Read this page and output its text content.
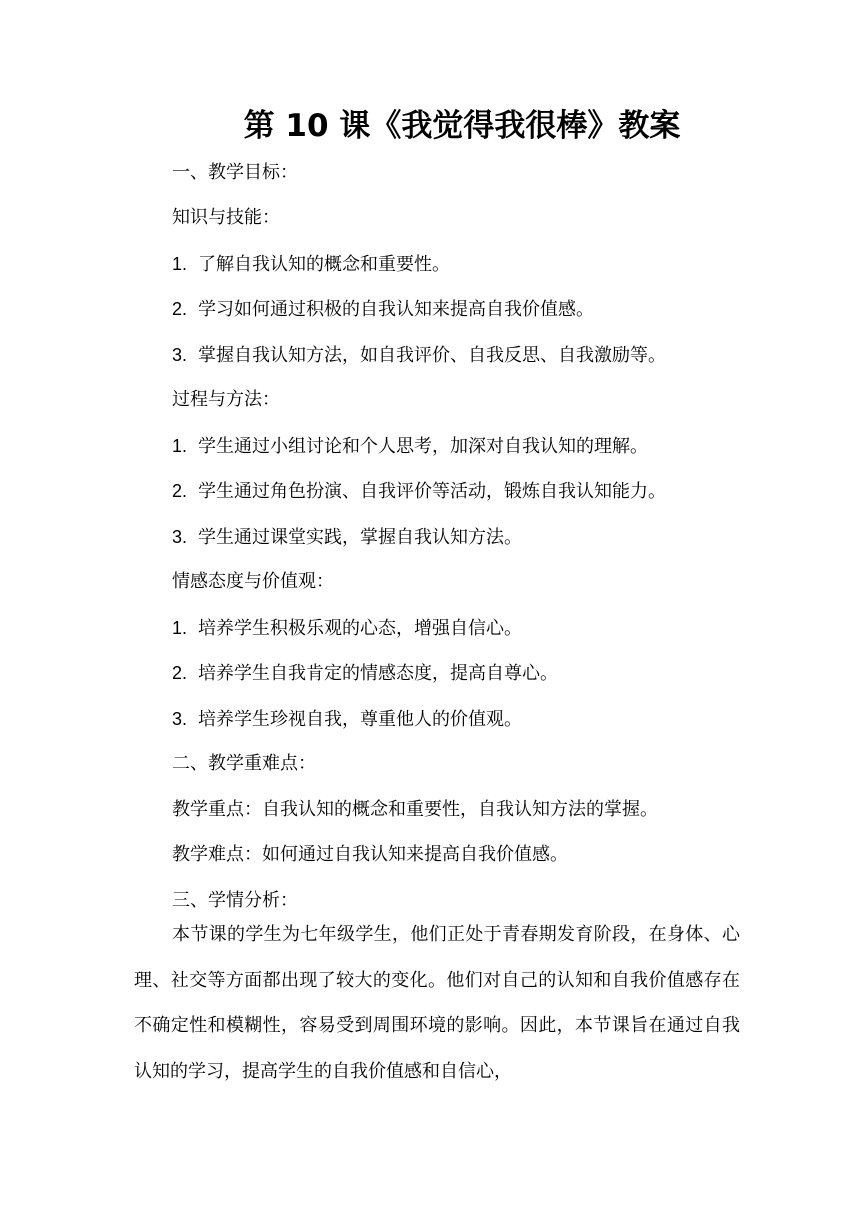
第 10 课《我觉得我很棒》教案
一、教学目标：
知识与技能：
1. 了解自我认知的概念和重要性。
2. 学习如何通过积极的自我认知来提高自我价值感。
3. 掌握自我认知方法，如自我评价、自我反思、自我激励等。
过程与方法：
1. 学生通过小组讨论和个人思考，加深对自我认知的理解。
2. 学生通过角色扮演、自我评价等活动，锻炼自我认知能力。
3. 学生通过课堂实践，掌握自我认知方法。
情感态度与价值观：
1. 培养学生积极乐观的心态，增强自信心。
2. 培养学生自我肯定的情感态度，提高自尊心。
3. 培养学生珍视自我，尊重他人的价值观。
二、教学重难点：
教学重点：自我认知的概念和重要性，自我认知方法的掌握。
教学难点：如何通过自我认知来提高自我价值感。
三、学情分析：
本节课的学生为七年级学生，他们正处于青春期发育阶段，在身体、心理、社交等方面都出现了较大的变化。他们对自己的认知和自我价值感存在不确定性和模糊性，容易受到周围环境的影响。因此，本节课旨在通过自我认知的学习，提高学生的自我价值感和自信心，
